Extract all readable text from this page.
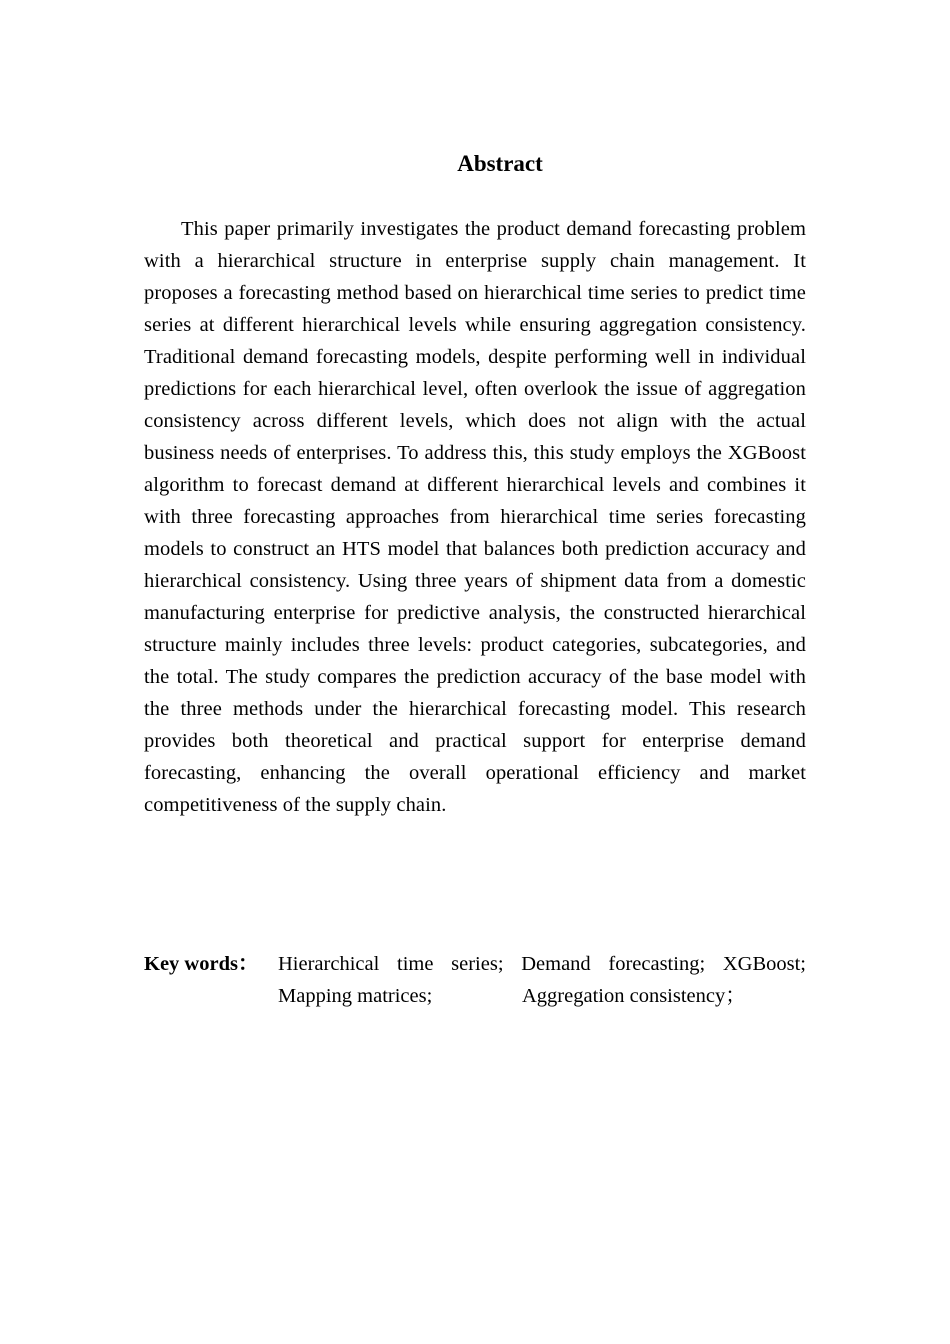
Abstract

This paper primarily investigates the product demand forecasting problem with a hierarchical structure in enterprise supply chain management. It proposes a forecasting method based on hierarchical time series to predict time series at different hierarchical levels while ensuring aggregation consistency. Traditional demand forecasting models, despite performing well in individual predictions for each hierarchical level, often overlook the issue of aggregation consistency across different levels, which does not align with the actual business needs of enterprises. To address this, this study employs the XGBoost algorithm to forecast demand at different hierarchical levels and combines it with three forecasting approaches from hierarchical time series forecasting models to construct an HTS model that balances both prediction accuracy and hierarchical consistency. Using three years of shipment data from a domestic manufacturing enterprise for predictive analysis, the constructed hierarchical structure mainly includes three levels: product categories, subcategories, and the total. The study compares the prediction accuracy of the base model with the three methods under the hierarchical forecasting model. This research provides both theoretical and practical support for enterprise demand forecasting, enhancing the overall operational efficiency and market competitiveness of the supply chain.

Key words： Hierarchical time series; Demand forecasting; XGBoost;
Mapping matrices;	Aggregation consistency；
